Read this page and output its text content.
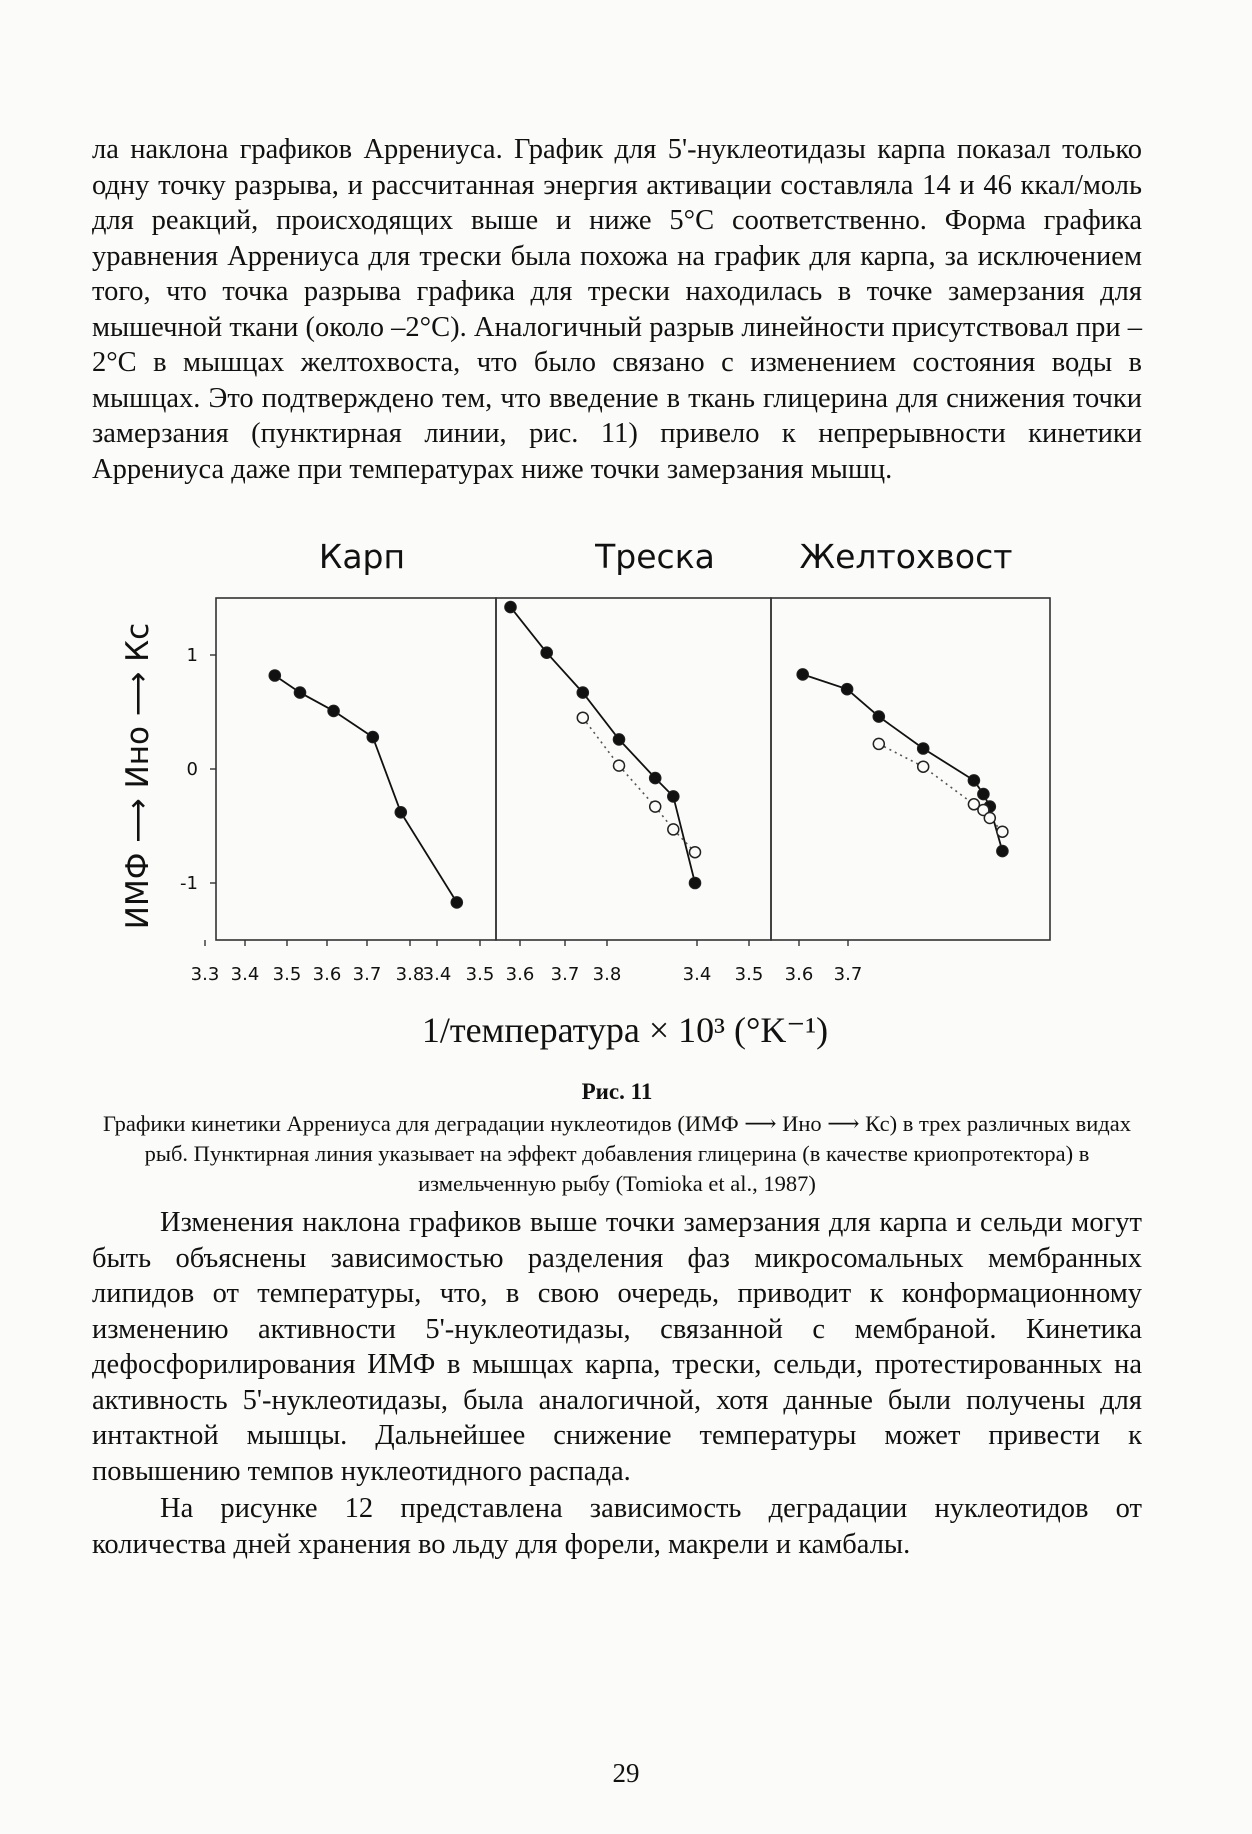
ла наклона графиков Аррениуса. График для 5'-нуклеотидазы карпа показал только одну точку разрыва, и рассчитанная энергия активации составляла 14 и 46 ккал/моль для реакций, происходящих выше и ниже 5°С соответственно. Форма графика уравнения Аррениуса для трески была похожа на график для карпа, за исключением того, что точка разрыва графика для трески находилась в точке замерзания для мышечной ткани (около –2°С). Аналогичный разрыв линейности присутствовал при –2°С в мышцах желтохвоста, что было связано с изменением состояния воды в мышцах. Это подтверждено тем, что введение в ткань глицерина для снижения точки замерзания (пунктирная линии, рис. 11) привело к непрерывности кинетики Аррениуса даже при температурах ниже точки замерзания мышц.

Карп	Треска	Желтохвост
3.3 3.4 3.5 3.6 3.7 3.8
3.4 3.5 3.6 3.7 3.8	3.4 3.5 3.6 3.7
1
0
-1
ИМФ ⟶ Ино ⟶ Кс
1/температура × 10³ (°K⁻¹)
Рис. 11
Графики кинетики Аррениуса для деградации нуклеотидов (ИМФ ⟶ Ино ⟶ Кс) в трех различных видах рыб. Пунктирная линия указывает на эффект добавления глицерина (в качестве криопротектора) в измельченную рыбу (Tomioka et al., 1987)

Изменения наклона графиков выше точки замерзания для карпа и сельди могут быть объяснены зависимостью разделения фаз микросомальных мембранных липидов от температуры, что, в свою очередь, приводит к конформационному изменению активности 5'-нуклеотидазы, связанной с мембраной. Кинетика дефосфорилирования ИМФ в мышцах карпа, трески, сельди, протестированных на активность 5'-нуклеотидазы, была аналогичной, хотя данные были получены для интактной мышцы. Дальнейшее снижение температуры может привести к повышению темпов нуклеотидного распада.

На рисунке 12 представлена зависимость деградации нуклеотидов от количества дней хранения во льду для форели, макрели и камбалы.

29
